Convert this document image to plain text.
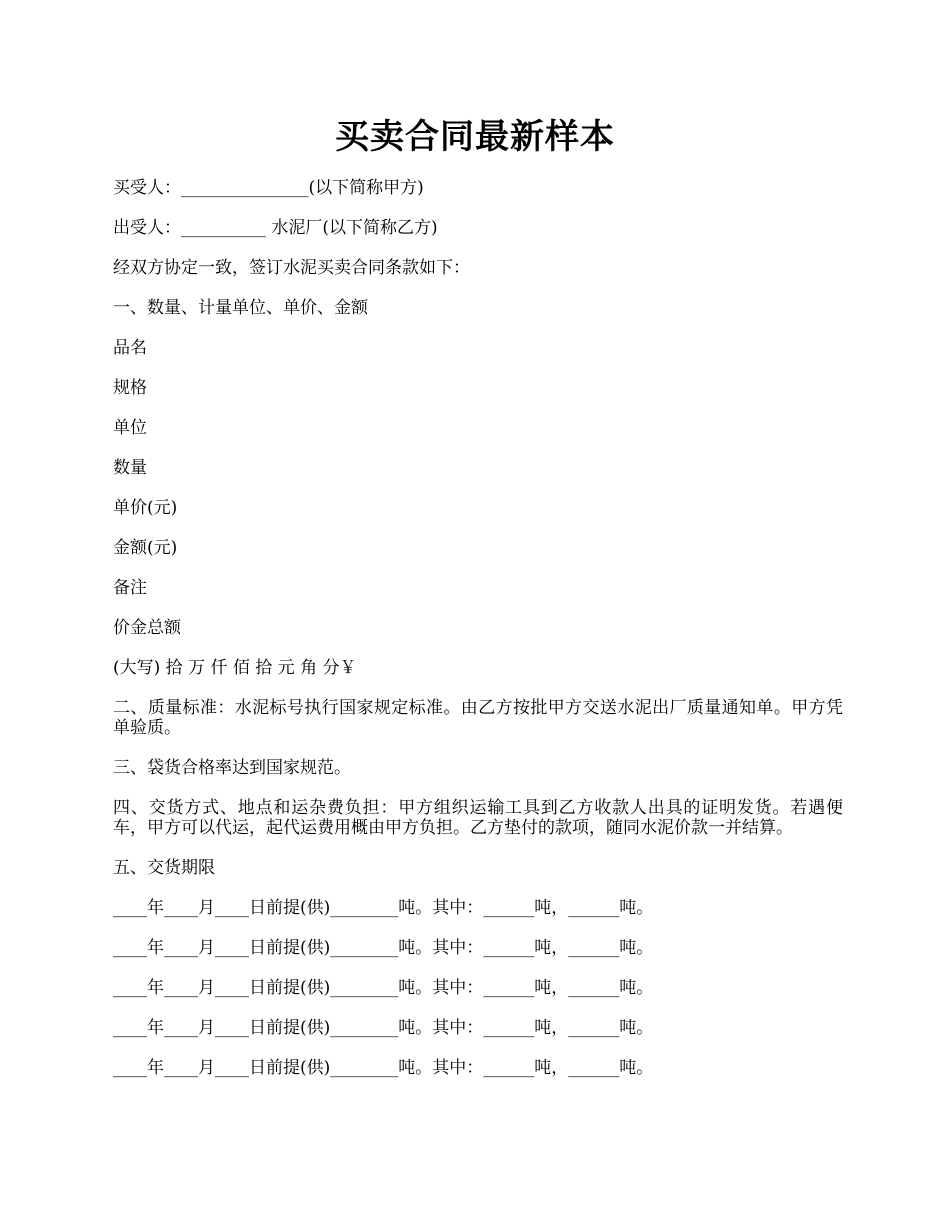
买卖合同最新样本

买受人：_______________(以下简称甲方)

出受人：__________ 水泥厂(以下简称乙方)

经双方协定一致，签订水泥买卖合同条款如下：

一、数量、计量单位、单价、金额

品名

规格

单位

数量

单价(元)

金额(元)

备注

价金总额

(大写) 拾 万 仟 佰 拾 元 角 分￥

二、质量标准：水泥标号执行国家规定标准。由乙方按批甲方交送水泥出厂质量通知单。甲方凭单验质。

三、袋货合格率达到国家规范。

四、交货方式、地点和运杂费负担：甲方组织运输工具到乙方收款人出具的证明发货。若遇便车，甲方可以代运，起代运费用概由甲方负担。乙方垫付的款项，随同水泥价款一并结算。

五、交货期限

____年____月____日前提(供)________吨。其中：______吨，______吨。

____年____月____日前提(供)________吨。其中：______吨，______吨。

____年____月____日前提(供)________吨。其中：______吨，______吨。

____年____月____日前提(供)________吨。其中：______吨，______吨。

____年____月____日前提(供)________吨。其中：______吨，______吨。
